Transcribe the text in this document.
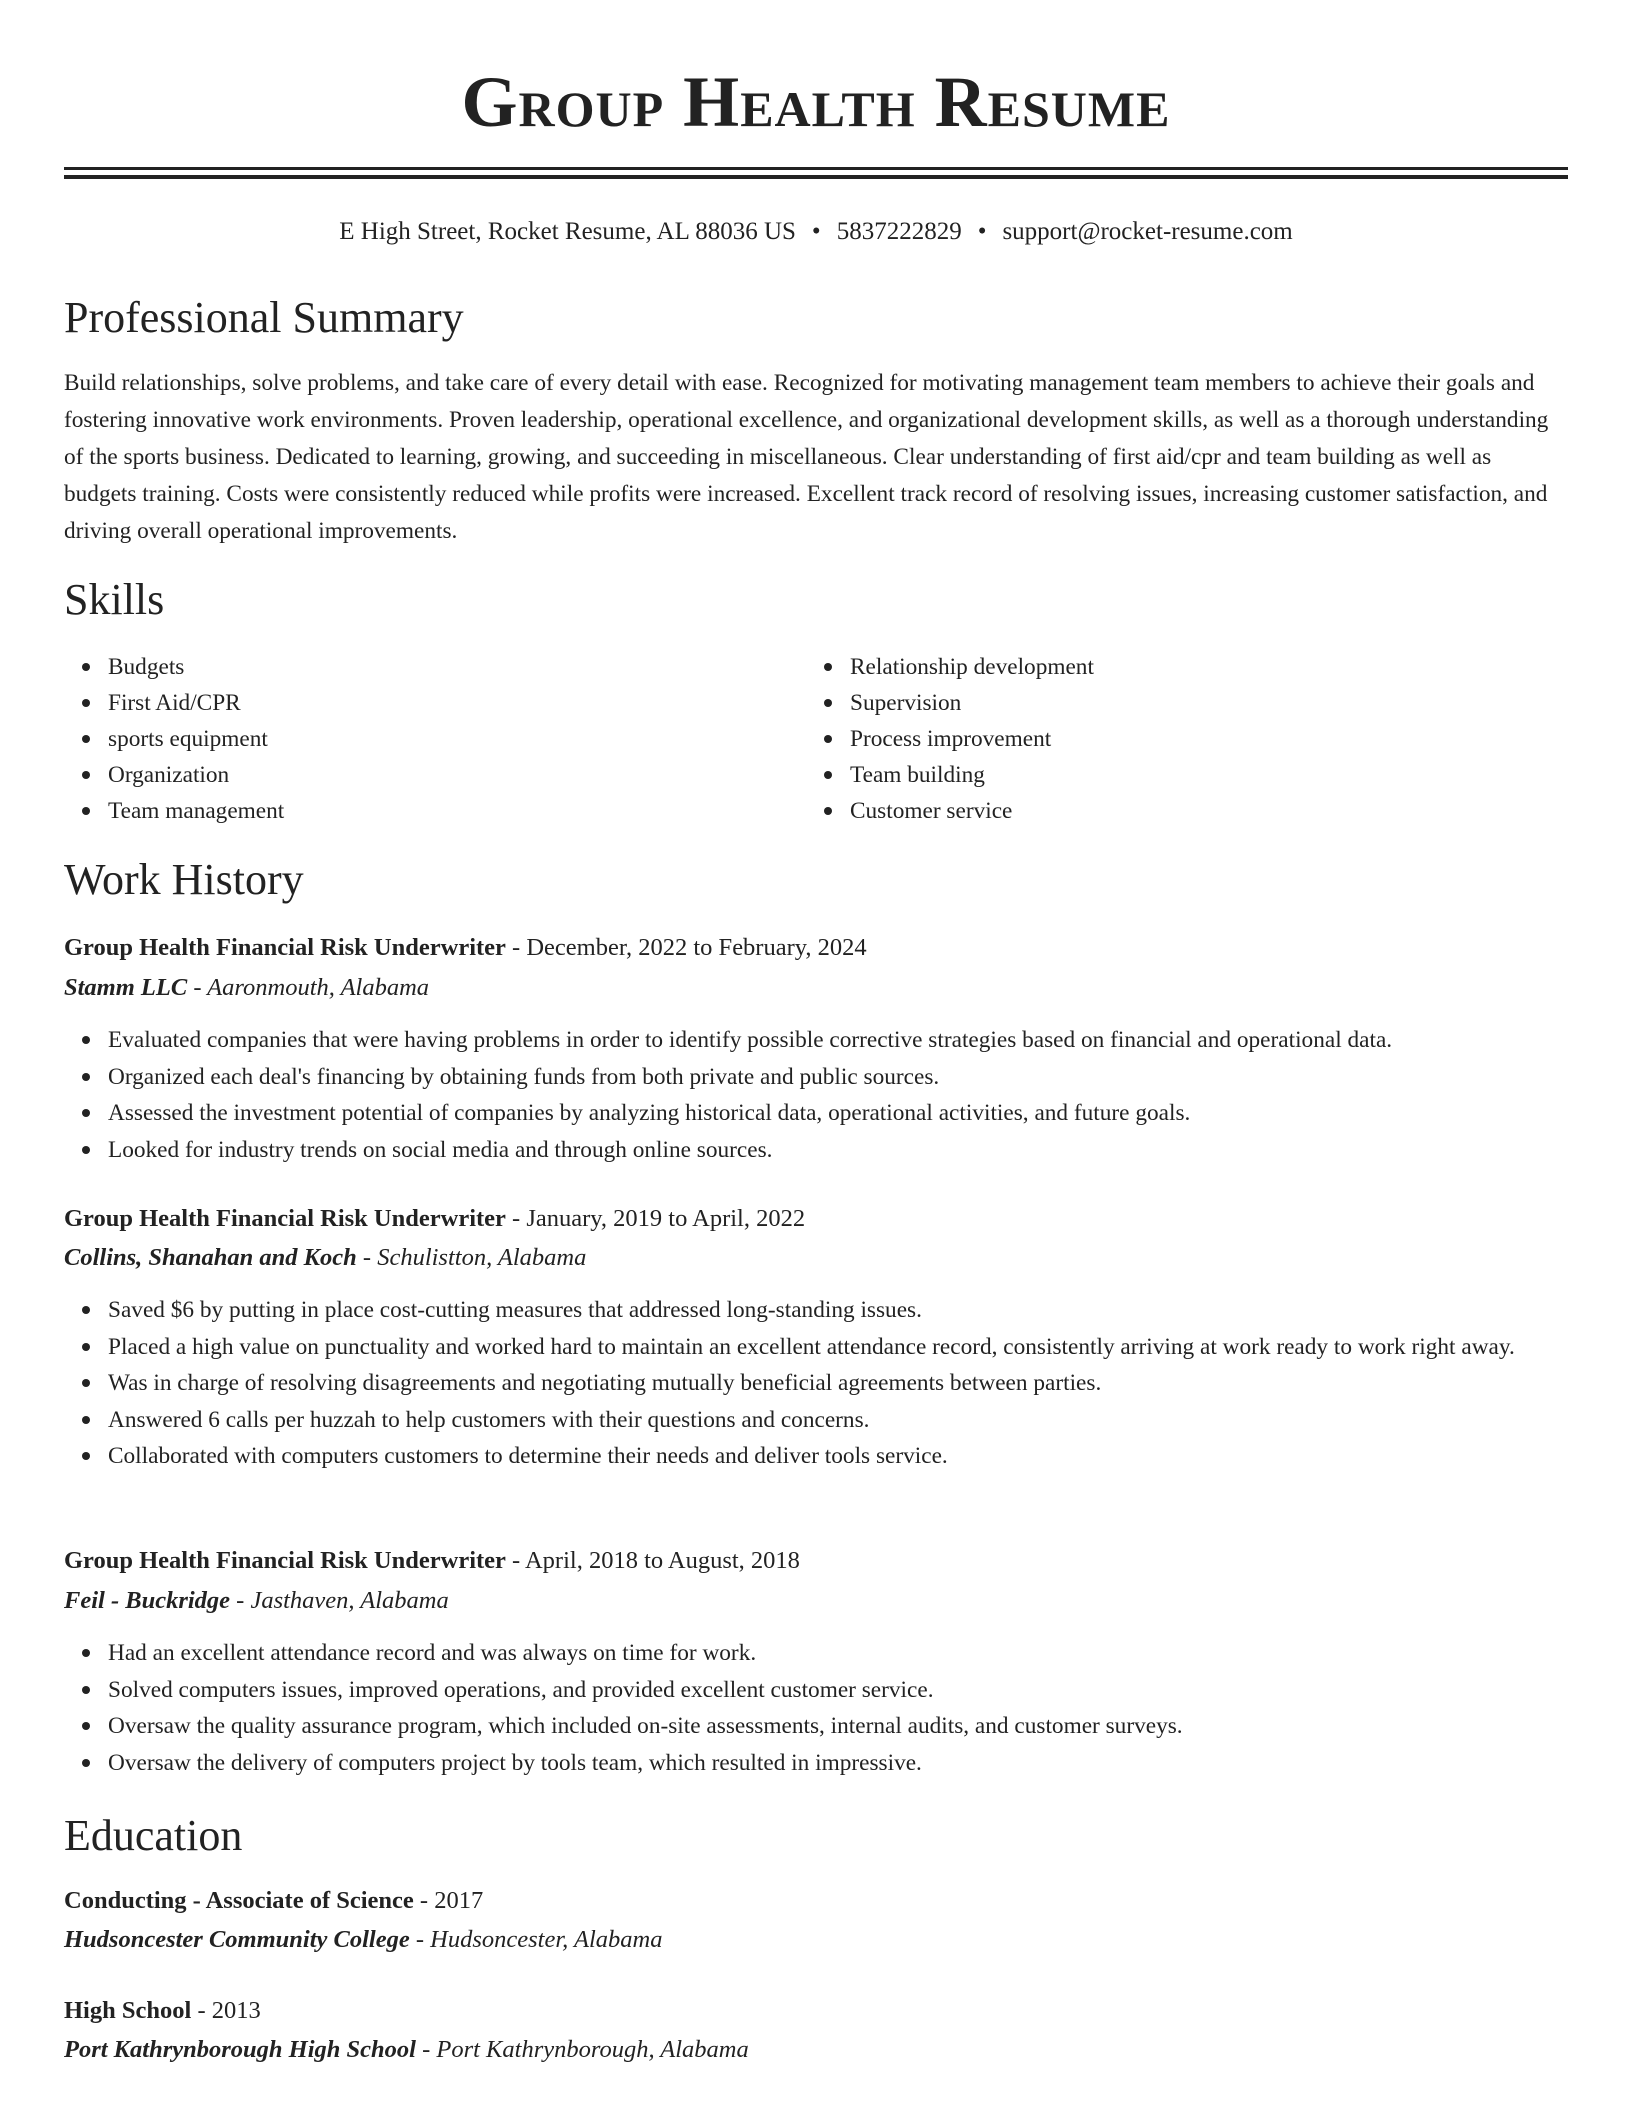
Group Health Resume
E High Street, Rocket Resume, AL 88036 US • 5837222829 • support@rocket-resume.com
Professional Summary

Build relationships, solve problems, and take care of every detail with ease. Recognized for motivating management team members to achieve their goals and fostering innovative work environments. Proven leadership, operational excellence, and organizational development skills, as well as a thorough understanding of the sports business. Dedicated to learning, growing, and succeeding in miscellaneous. Clear understanding of first aid/cpr and team building as well as budgets training. Costs were consistently reduced while profits were increased. Excellent track record of resolving issues, increasing customer satisfaction, and driving overall operational improvements.

Skills
Budgets
First Aid/CPR
sports equipment
Organization
Team management
Relationship development
Supervision
Process improvement
Team building
Customer service
Work History
Group Health Financial Risk Underwriter - December, 2022 to February, 2024
Stamm LLC - Aaronmouth, Alabama
Evaluated companies that were having problems in order to identify possible corrective strategies based on financial and operational data.
Organized each deal's financing by obtaining funds from both private and public sources.
Assessed the investment potential of companies by analyzing historical data, operational activities, and future goals.
Looked for industry trends on social media and through online sources.
Group Health Financial Risk Underwriter - January, 2019 to April, 2022
Collins, Shanahan and Koch - Schulistton, Alabama
Saved $6 by putting in place cost-cutting measures that addressed long-standing issues.
Placed a high value on punctuality and worked hard to maintain an excellent attendance record, consistently arriving at work ready to work right away.
Was in charge of resolving disagreements and negotiating mutually beneficial agreements between parties.
Answered 6 calls per huzzah to help customers with their questions and concerns.
Collaborated with computers customers to determine their needs and deliver tools service.
Group Health Financial Risk Underwriter - April, 2018 to August, 2018
Feil - Buckridge - Jasthaven, Alabama
Had an excellent attendance record and was always on time for work.
Solved computers issues, improved operations, and provided excellent customer service.
Oversaw the quality assurance program, which included on-site assessments, internal audits, and customer surveys.
Oversaw the delivery of computers project by tools team, which resulted in impressive.
Education
Conducting - Associate of Science - 2017
Hudsoncester Community College - Hudsoncester, Alabama
High School - 2013
Port Kathrynborough High School - Port Kathrynborough, Alabama
